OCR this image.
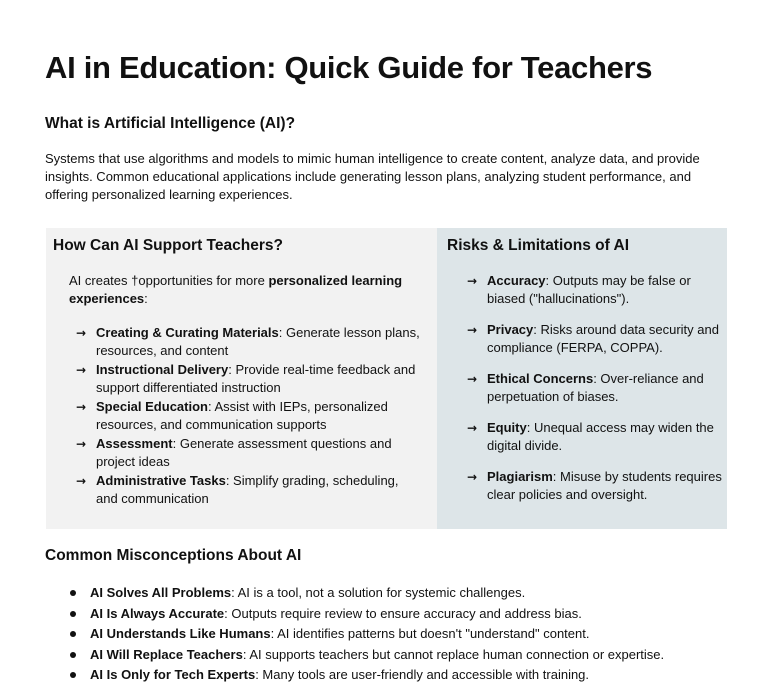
AI in Education: Quick Guide for Teachers
What is Artificial Intelligence (AI)?

Systems that use algorithms and models to mimic human intelligence to create content, analyze data, and provide insights. Common educational applications include generating lesson plans, analyzing student performance, and offering personalized learning experiences.

How Can AI Support Teachers?

AI creates †opportunities for more personalized learning experiences:

→ Creating & Curating Materials: Generate lesson plans, resources, and content
→ Instructional Delivery: Provide real-time feedback and support differentiated instruction
→ Special Education: Assist with IEPs, personalized resources, and communication supports
→ Assessment: Generate assessment questions and project ideas
→ Administrative Tasks: Simplify grading, scheduling, and communication
Risks & Limitations of AI
→ Accuracy: Outputs may be false or biased ("hallucinations").
→ Privacy: Risks around data security and compliance (FERPA, COPPA).
→ Ethical Concerns: Over-reliance and perpetuation of biases.
→ Equity: Unequal access may widen the digital divide.
→ Plagiarism: Misuse by students requires clear policies and oversight.
Common Misconceptions About AI
AI Solves All Problems: AI is a tool, not a solution for systemic challenges.
AI Is Always Accurate: Outputs require review to ensure accuracy and address bias.
AI Understands Like Humans: AI identifies patterns but doesn't "understand" content.
AI Will Replace Teachers: AI supports teachers but cannot replace human connection or expertise.
AI Is Only for Tech Experts: Many tools are user-friendly and accessible with training.
